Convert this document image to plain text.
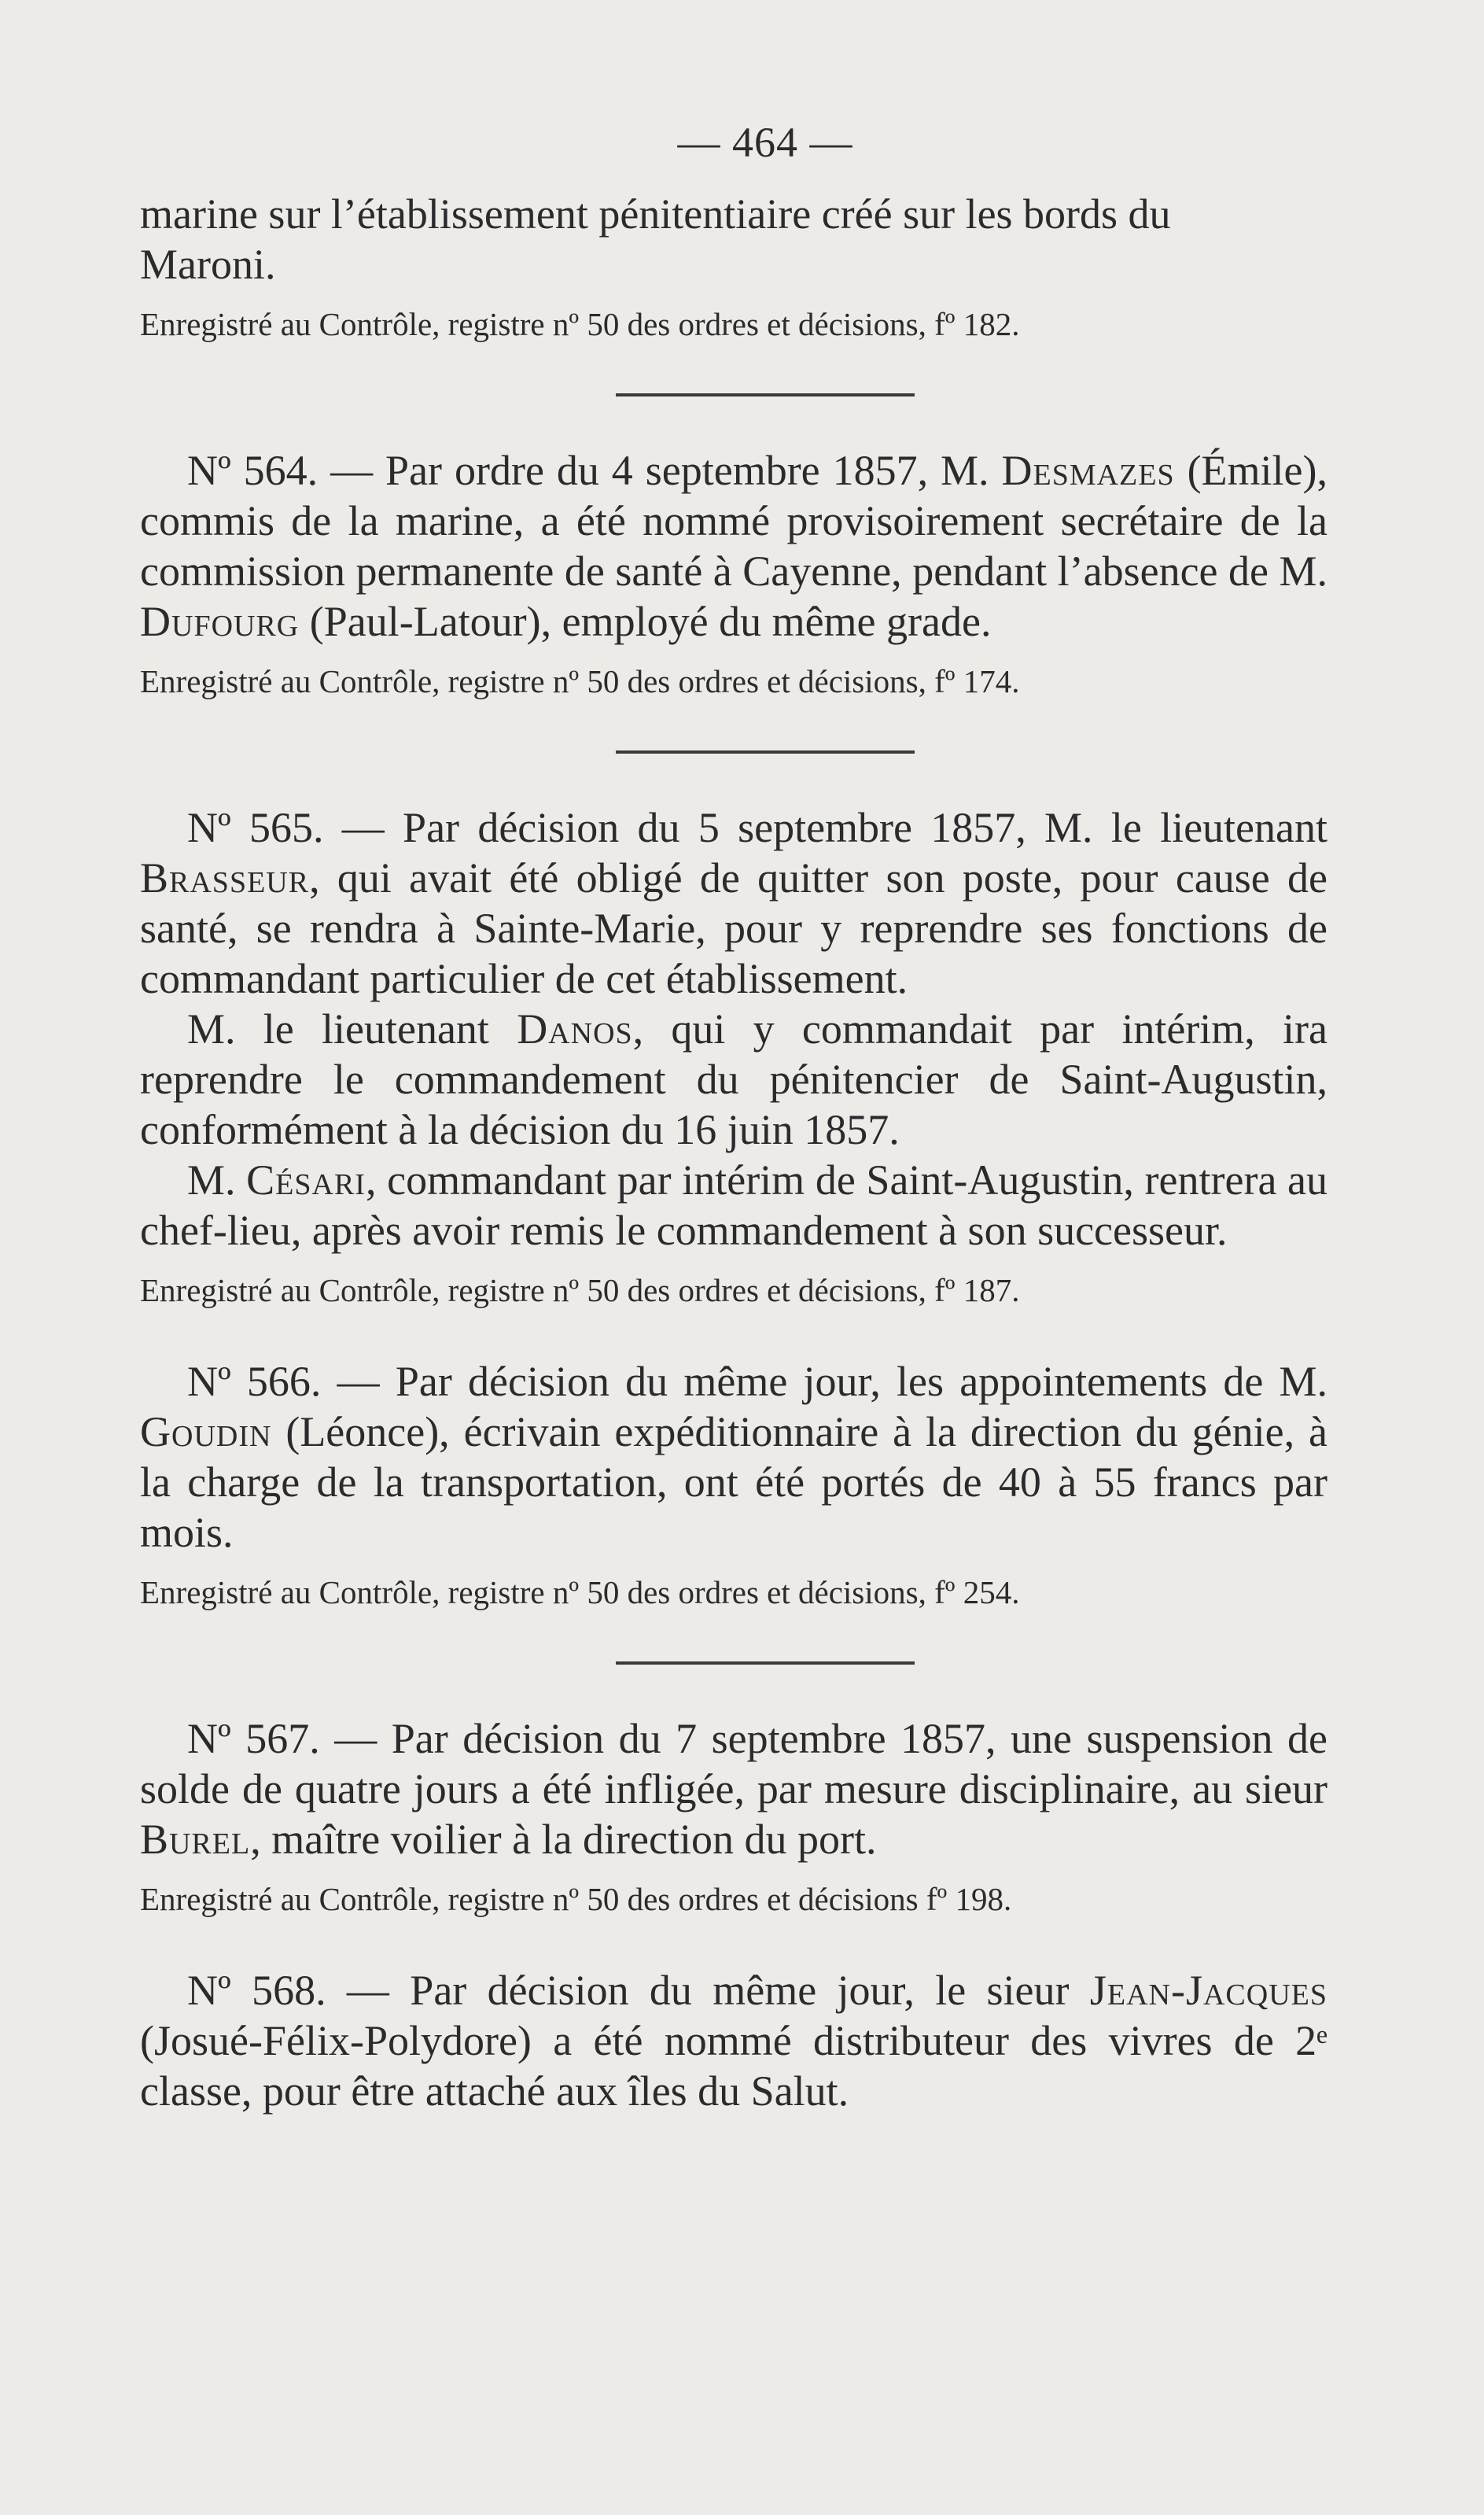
— 464 —

marine sur l’établissement pénitentiaire créé sur les bords du
Maroni.

Enregistré au Contrôle, registre nº 50 des ordres et décisions, fº 182.

Nº 564. — Par ordre du 4 septembre 1857, M. Desmazes (Émile), commis de la marine, a été nommé provisoirement secrétaire de la commission permanente de santé à Cayenne, pendant l’absence de M. Dufourg (Paul-Latour), employé du même grade.

Enregistré au Contrôle, registre nº 50 des ordres et décisions, fº 174.

Nº 565. — Par décision du 5 septembre 1857, M. le lieutenant Brasseur, qui avait été obligé de quitter son poste, pour cause de santé, se rendra à Sainte-Marie, pour y reprendre ses fonctions de commandant particulier de cet établissement.

M. le lieutenant Danos, qui y commandait par intérim, ira reprendre le commandement du pénitencier de Saint-Augustin, conformément à la décision du 16 juin 1857.

M. Césari, commandant par intérim de Saint-Augustin, rentrera au chef-lieu, après avoir remis le commandement à son successeur.

Enregistré au Contrôle, registre nº 50 des ordres et décisions, fº 187.

Nº 566. — Par décision du même jour, les appointements de M. Goudin (Léonce), écrivain expéditionnaire à la direction du génie, à la charge de la transportation, ont été portés de 40 à 55 francs par mois.

Enregistré au Contrôle, registre nº 50 des ordres et décisions, fº 254.

Nº 567. — Par décision du 7 septembre 1857, une suspension de solde de quatre jours a été infligée, par mesure disciplinaire, au sieur Burel, maître voilier à la direction du port.

Enregistré au Contrôle, registre nº 50 des ordres et décisions fº 198.

Nº 568. — Par décision du même jour, le sieur Jean-Jacques (Josué-Félix-Polydore) a été nommé distributeur des vivres de 2ᵉ classe, pour être attaché aux îles du Salut.
